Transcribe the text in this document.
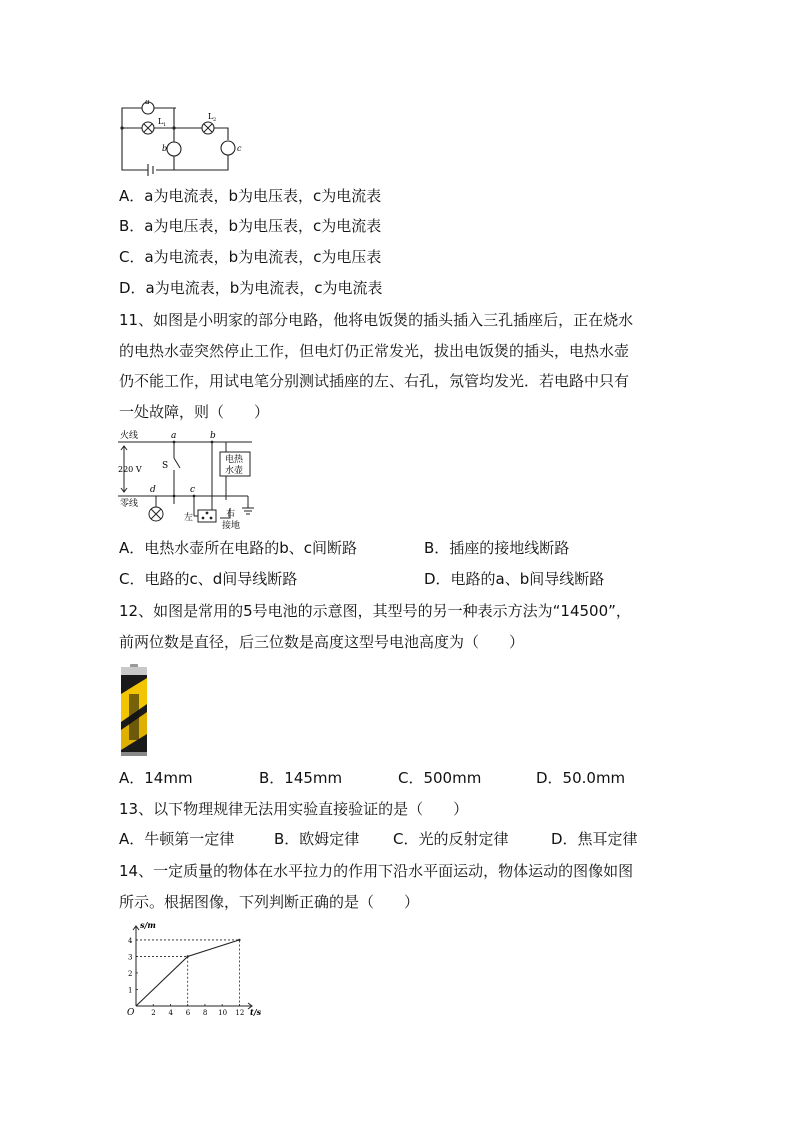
a
L 1
L 2
b	c
A．a为电流表，b为电压表，c为电流表
B．a为电压表，b为电压表，c为电流表
C．a为电流表，b为电流表，c为电压表
D．a为电流表，b为电流表，c为电流表
11、如图是小明家的部分电路，他将电饭煲的插头插入三孔插座后，正在烧水
的电热水壶突然停止工作，但电灯仍正常发光，拔出电饭煲的插头，电热水壶
仍不能工作，用试电笔分别测试插座的左、右孔，氖管均发光．若电路中只有
一处故障，则（　　）
电热
水壶
火线
220 V
零线
a	b
S
d	c
左	右
接地
A．电热水壶所在电路的b、c间断路	B．插座的接地线断路
C．电路的c、d间导线断路	D．电路的a、b间导线断路
12、如图是常用的5号电池的示意图，其型号的另一种表示方法为“14500”，
前两位数是直径，后三位数是高度这型号电池高度为（　　）
A．14mm	B．145mm	C．500mm	D．50.0mm
13、以下物理规律无法用实验直接验证的是（　　）
A．牛顿第一定律	B．欧姆定律 C．光的反射定律	D．焦耳定律
14、一定质量的物体在水平拉力的作用下沿水平面运动，物体运动的图像如图
所示。根据图像，下列判断正确的是（　　）
2 4 6 8 10 12
1
2
3
4
s/m
t/s
O
